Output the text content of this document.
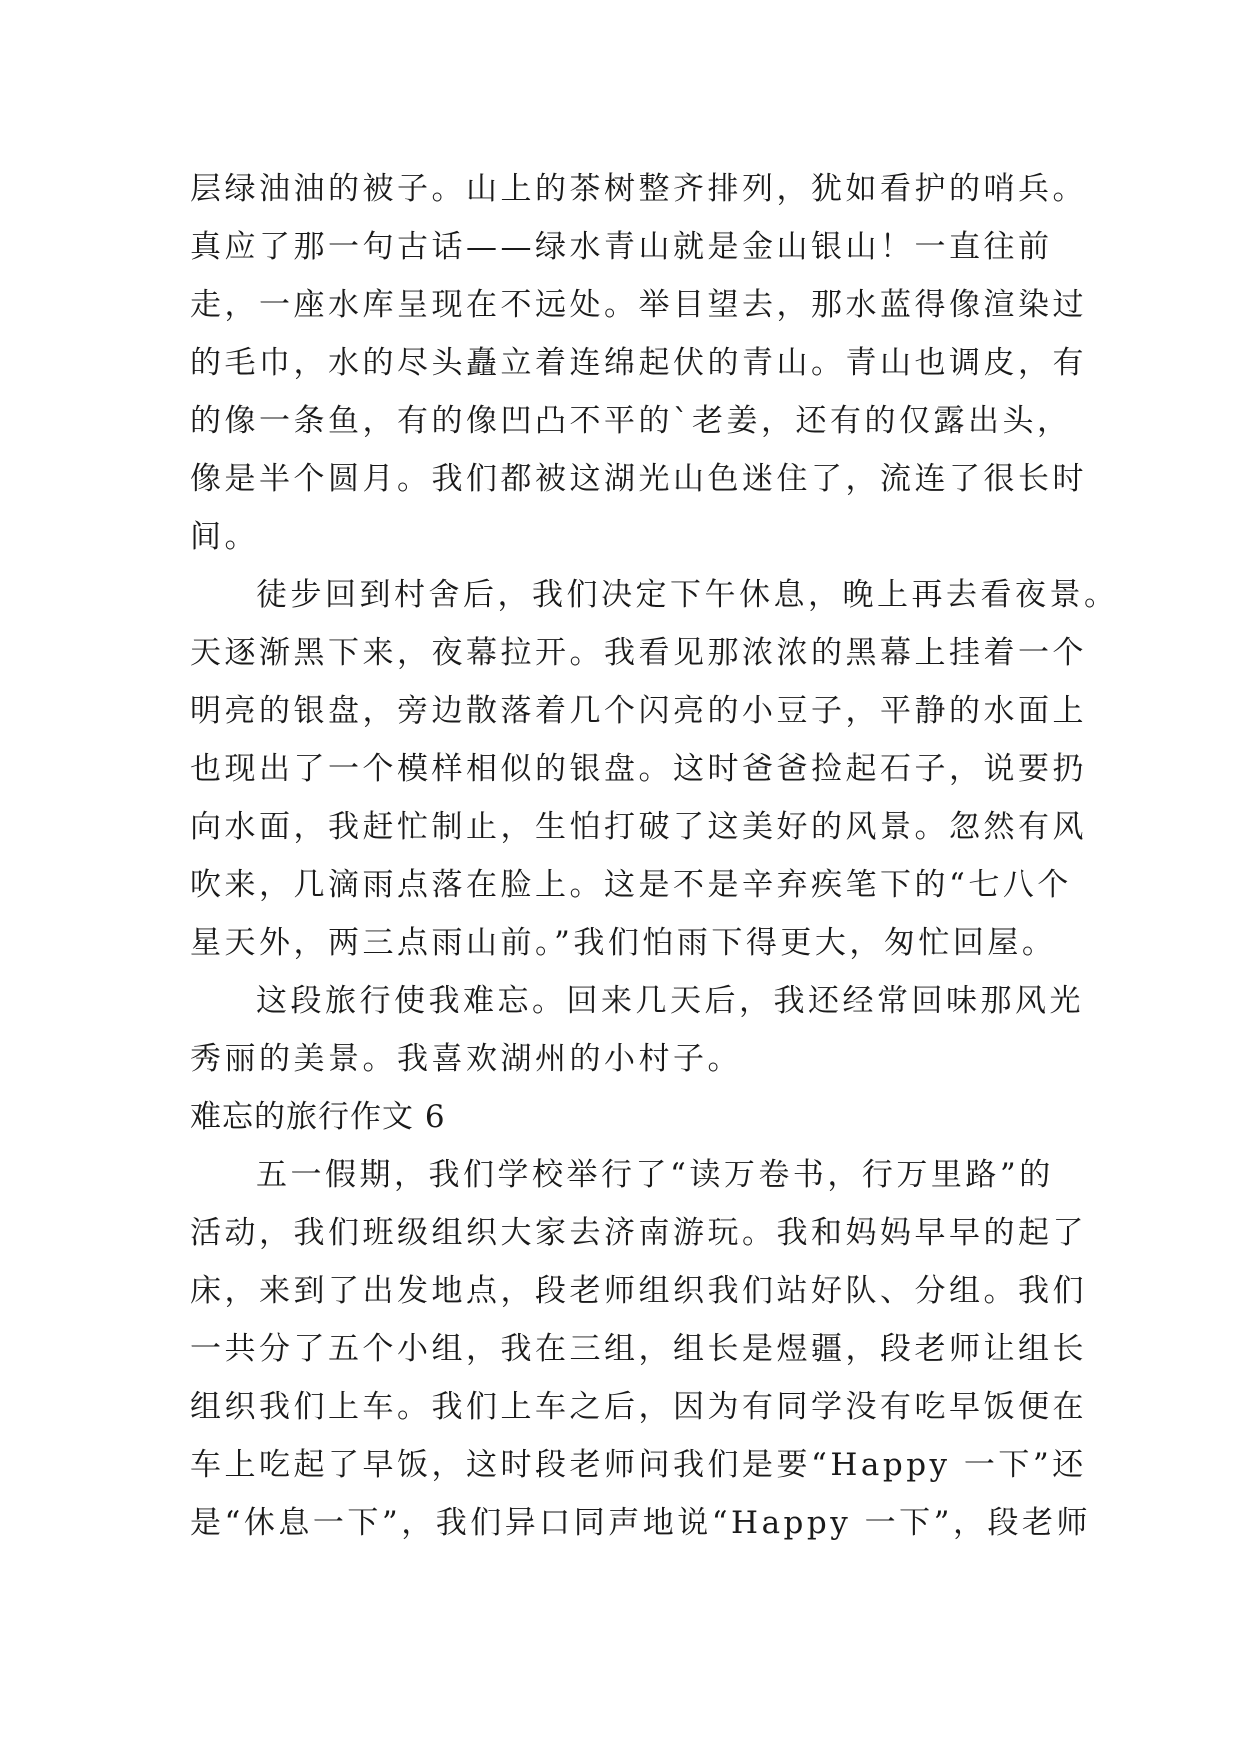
层绿油油的被子。山上的茶树整齐排列，犹如看护的哨兵。
真应了那一句古话——绿水青山就是金山银山！一直往前
走，一座水库呈现在不远处。举目望去，那水蓝得像渲染过
的毛巾，水的尽头矗立着连绵起伏的青山。青山也调皮，有
的像一条鱼，有的像凹凸不平的`老姜，还有的仅露出头，
像是半个圆月。我们都被这湖光山色迷住了，流连了很长时
间。
徒步回到村舍后，我们决定下午休息，晚上再去看夜景。
天逐渐黑下来，夜幕拉开。我看见那浓浓的黑幕上挂着一个
明亮的银盘，旁边散落着几个闪亮的小豆子，平静的水面上
也现出了一个模样相似的银盘。这时爸爸捡起石子，说要扔
向水面，我赶忙制止，生怕打破了这美好的风景。忽然有风
吹来，几滴雨点落在脸上。这是不是辛弃疾笔下的“七八个
星天外，两三点雨山前。”我们怕雨下得更大，匆忙回屋。
这段旅行使我难忘。回来几天后，我还经常回味那风光
秀丽的美景。我喜欢湖州的小村子。
难忘的旅行作文 6
五一假期，我们学校举行了“读万卷书，行万里路”的
活动，我们班级组织大家去济南游玩。我和妈妈早早的起了
床，来到了出发地点，段老师组织我们站好队、分组。我们
一共分了五个小组，我在三组，组长是煜疆，段老师让组长
组织我们上车。我们上车之后，因为有同学没有吃早饭便在
车上吃起了早饭，这时段老师问我们是要“Happy 一下”还
是“休息一下”，我们异口同声地说“Happy 一下”，段老师
